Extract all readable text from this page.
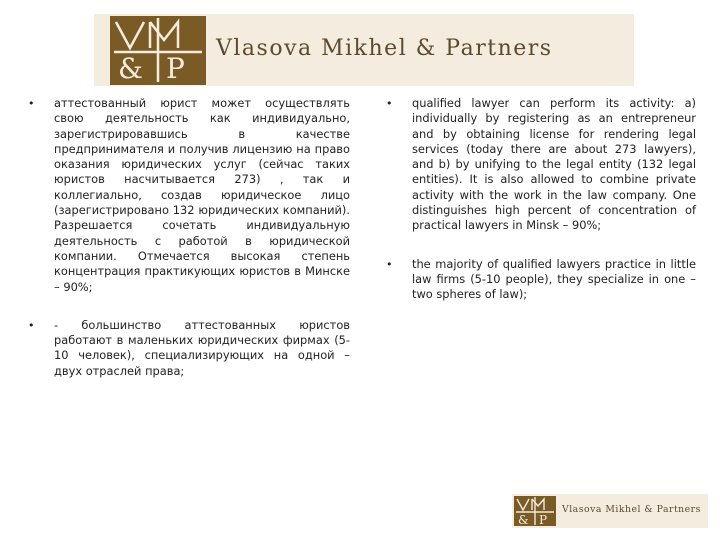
& P
Vlasova Mikhel & Partners
• аттестованный юрист может осуществлять свою деятельность как индивидуально, зарегистрировавшись в качестве предпринимателя и получив лицензию на право оказания юридических услуг (сейчас таких юристов насчитывается 273) , так и коллегиально, создав юридическое лицо (зарегистрировано 132 юридических компаний). Разрешается сочетать индивидуальную деятельность с работой в юридической компании. Отмечается высокая степень концентрация практикующих юристов в Минске – 90%;
• - большинство аттестованных юристов работают в маленьких юридических фирмах (5-10 человек), специализирующих на одной – двух отраслей права;
• qualified lawyer can perform its activity: a) individually by registering as an entrepreneur and by obtaining license for rendering legal services (today there are about 273 lawyers), and b) by unifying to the legal entity (132 legal entities). It is also allowed to combine private activity with the work in the law company. One distinguishes high percent of concentration of practical lawyers in Minsk – 90%;
• the majority of qualified lawyers practice in little law firms (5-10 people), they specialize in one – two spheres of law);
& P
Vlasova Mikhel & Partners
